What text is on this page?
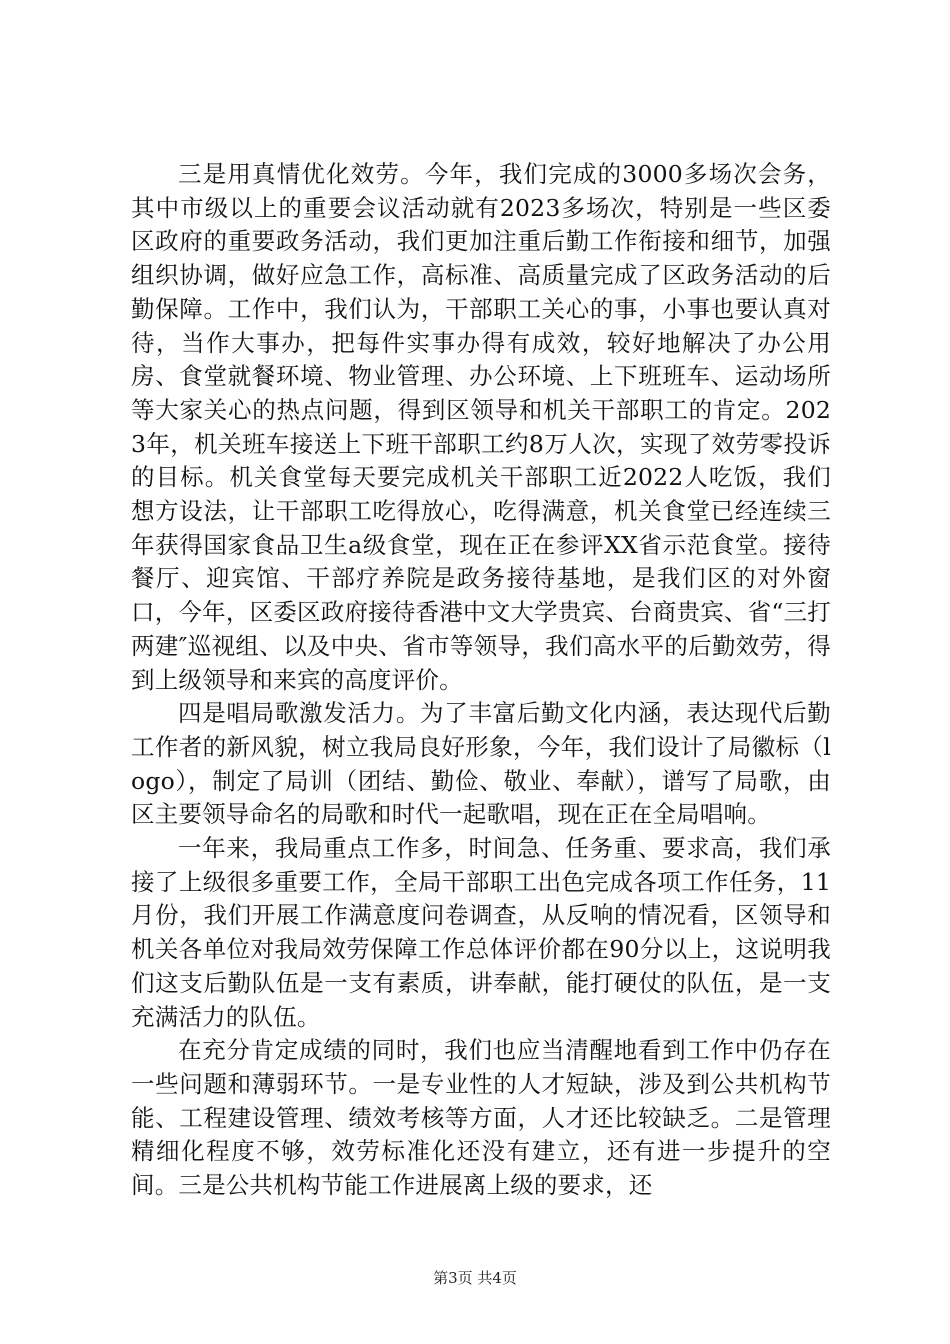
三是用真情优化效劳。今年，我们完成的3000多场次会务，其中市级以上的重要会议活动就有2023多场次，特别是一些区委区政府的重要政务活动，我们更加注重后勤工作衔接和细节，加强组织协调，做好应急工作，高标准、高质量完成了区政务活动的后勤保障。工作中，我们认为，干部职工关心的事，小事也要认真对待，当作大事办，把每件实事办得有成效，较好地解决了办公用房、食堂就餐环境、物业管理、办公环境、上下班班车、运动场所等大家关心的热点问题，得到区领导和机关干部职工的肯定。2023年，机关班车接送上下班干部职工约8万人次，实现了效劳零投诉的目标。机关食堂每天要完成机关干部职工近2022人吃饭，我们想方设法，让干部职工吃得放心，吃得满意，机关食堂已经连续三年获得国家食品卫生a级食堂，现在正在参评XX省示范食堂。接待餐厅、迎宾馆、干部疗养院是政务接待基地，是我们区的对外窗口，今年，区委区政府接待香港中文大学贵宾、台商贵宾、省“三打两建″巡视组、以及中央、省市等领导，我们高水平的后勤效劳，得到上级领导和来宾的高度评价。

四是唱局歌激发活力。为了丰富后勤文化内涵，表达现代后勤工作者的新风貌，树立我局良好形象，今年，我们设计了局徽标（logo），制定了局训（团结、勤俭、敬业、奉献），谱写了局歌，由区主要领导命名的局歌和时代一起歌唱，现在正在全局唱响。

一年来，我局重点工作多，时间急、任务重、要求高，我们承接了上级很多重要工作，全局干部职工出色完成各项工作任务，11月份，我们开展工作满意度问卷调查，从反响的情况看，区领导和机关各单位对我局效劳保障工作总体评价都在90分以上，这说明我们这支后勤队伍是一支有素质，讲奉献，能打硬仗的队伍，是一支充满活力的队伍。

在充分肯定成绩的同时，我们也应当清醒地看到工作中仍存在一些问题和薄弱环节。一是专业性的人才短缺，涉及到公共机构节能、工程建设管理、绩效考核等方面，人才还比较缺乏。二是管理精细化程度不够，效劳标准化还没有建立，还有进一步提升的空间。三是公共机构节能工作进展离上级的要求，还

第3页 共4页
